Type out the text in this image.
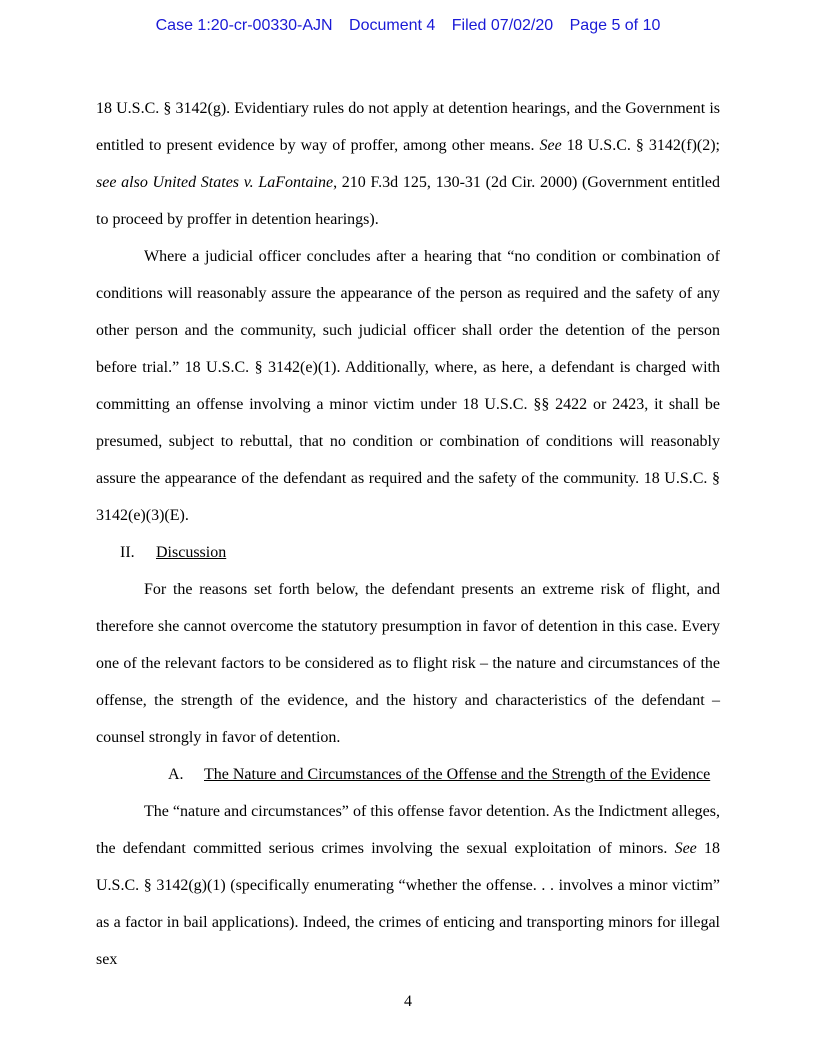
Case 1:20-cr-00330-AJN Document 4 Filed 07/02/20 Page 5 of 10

18 U.S.C. § 3142(g). Evidentiary rules do not apply at detention hearings, and the Government is entitled to present evidence by way of proffer, among other means. See 18 U.S.C. § 3142(f)(2); see also United States v. LaFontaine, 210 F.3d 125, 130-31 (2d Cir. 2000) (Government entitled to proceed by proffer in detention hearings).

Where a judicial officer concludes after a hearing that “no condition or combination of conditions will reasonably assure the appearance of the person as required and the safety of any other person and the community, such judicial officer shall order the detention of the person before trial.” 18 U.S.C. § 3142(e)(1). Additionally, where, as here, a defendant is charged with committing an offense involving a minor victim under 18 U.S.C. §§ 2422 or 2423, it shall be presumed, subject to rebuttal, that no condition or combination of conditions will reasonably assure the appearance of the defendant as required and the safety of the community. 18 U.S.C. § 3142(e)(3)(E).

II. Discussion

For the reasons set forth below, the defendant presents an extreme risk of flight, and therefore she cannot overcome the statutory presumption in favor of detention in this case. Every one of the relevant factors to be considered as to flight risk – the nature and circumstances of the offense, the strength of the evidence, and the history and characteristics of the defendant – counsel strongly in favor of detention.

A. The Nature and Circumstances of the Offense and the Strength of the Evidence

The “nature and circumstances” of this offense favor detention. As the Indictment alleges, the defendant committed serious crimes involving the sexual exploitation of minors. See 18 U.S.C. § 3142(g)(1) (specifically enumerating “whether the offense. . . involves a minor victim” as a factor in bail applications). Indeed, the crimes of enticing and transporting minors for illegal sex

4
